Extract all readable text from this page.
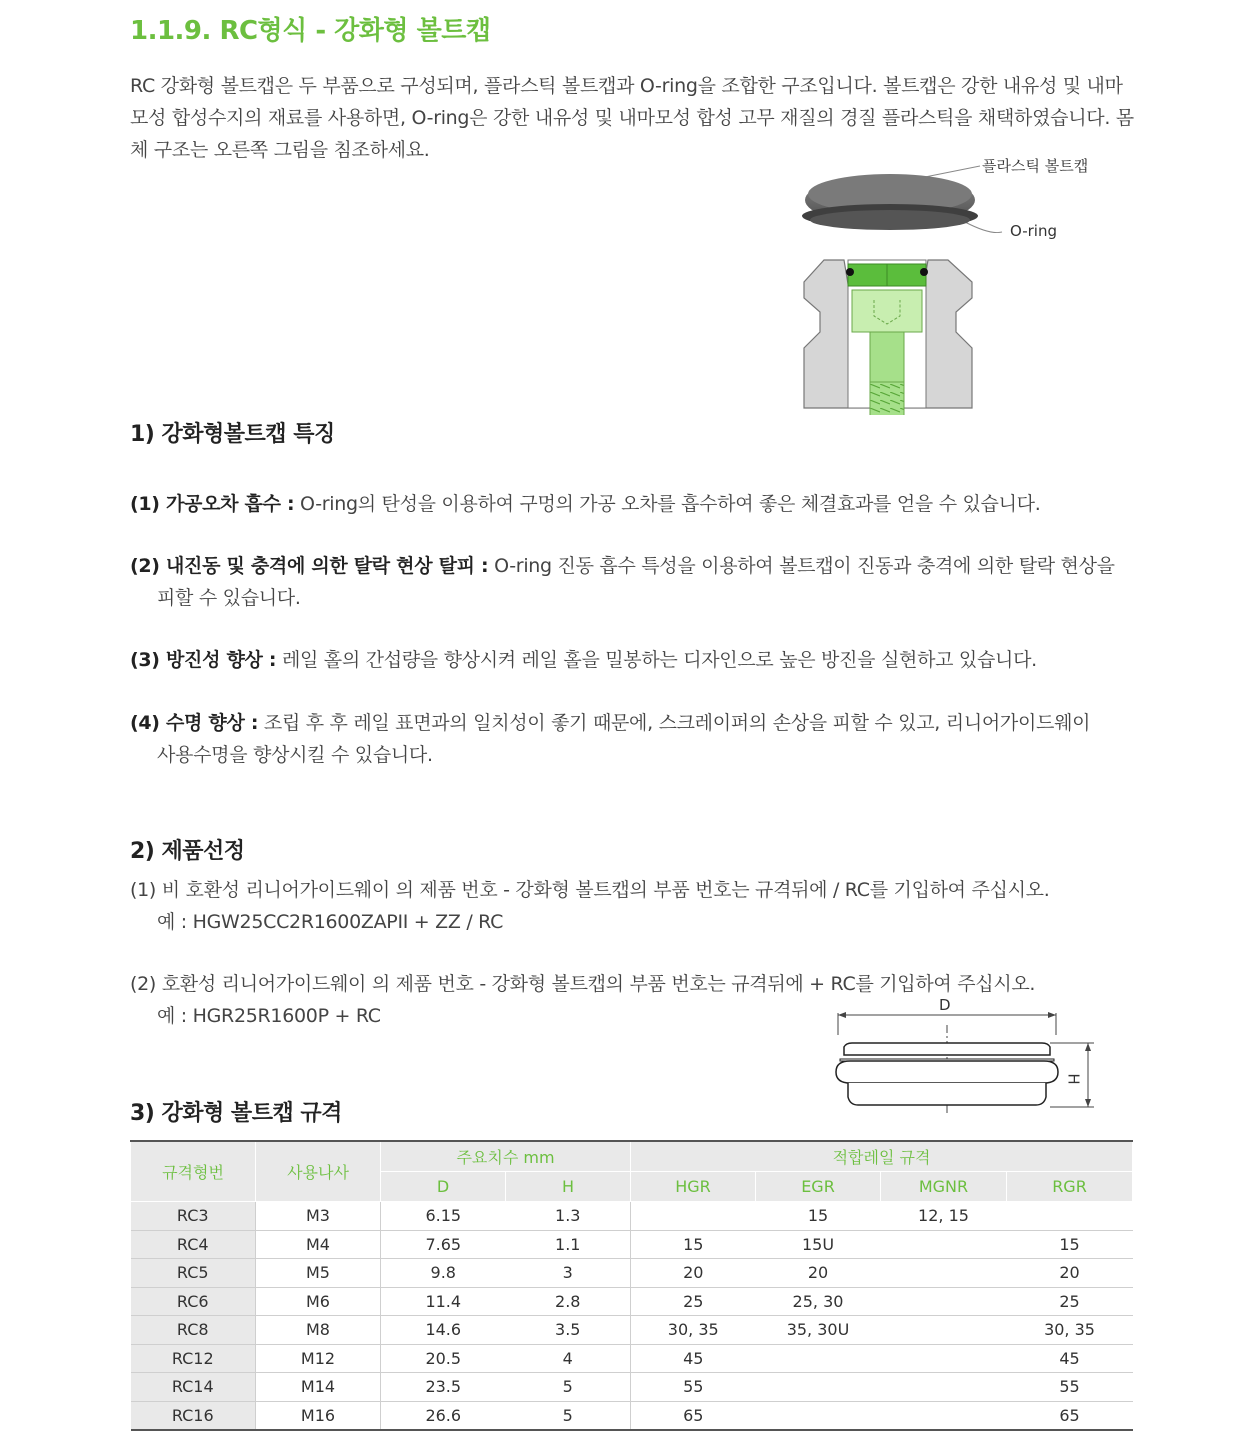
1.1.9. RC형식 - 강화형 볼트캡
RC 강화형 볼트캡은 두 부품으로 구성되며, 플라스틱 볼트캡과 O-ring을 조합한 구조입니다. 볼트캡은 강한 내유성 및 내마모성 합성수지의 재료를 사용하면, O-ring은 강한 내유성 및 내마모성 합성 고무 재질의 경질 플라스틱을 채택하였습니다. 몸체 구조는 오른쪽 그림을 침조하세요.
플라스틱 볼트캡
O-ring
1) 강화형볼트캡 특징
(1) 가공오차 흡수 : O-ring의 탄성을 이용하여 구멍의 가공 오차를 흡수하여 좋은 체결효과를 얻을 수 있습니다.
(2) 내진동 및 충격에 의한 탈락 현상 탈피 : O-ring 진동 흡수 특성을 이용하여 볼트캡이 진동과 충격에 의한 탈락 현상을
피할 수 있습니다.
(3) 방진성 향상 : 레일 홀의 간섭량을 향상시켜 레일 홀을 밀봉하는 디자인으로 높은 방진을 실현하고 있습니다.
(4) 수명 향상 : 조립 후 후 레일 표면과의 일치성이 좋기 때문에, 스크레이퍼의 손상을 피할 수 있고, 리니어가이드웨이
사용수명을 향상시킬 수 있습니다.
2) 제품선정
(1) 비 호환성 리니어가이드웨이 의 제품 번호 - 강화형 볼트캡의 부품 번호는 규격뒤에 / RC를 기입하여 주십시오.
예 : HGW25CC2R1600ZAPII + ZZ / RC
(2) 호환성 리니어가이드웨이 의 제품 번호 - 강화형 볼트캡의 부품 번호는 규격뒤에 + RC를 기입하여 주십시오.
예 : HGR25R1600P + RC	D
H
3) 강화형 볼트캡 규격
규격형번	사용나사	주요치수 mm		적합레일 규격			
		D	H	HGR	EGR	MGNR	RGR
RC3	M3	6.15	1.3		15	12, 15	
RC4	M4	7.65	1.1	15	15U		15
RC5	M5	9.8	3	20	20		20
RC6	M6	11.4	2.8	25	25, 30		25
RC8	M8	14.6	3.5	30, 35	35, 30U		30, 35
RC12	M12	20.5	4	45			45
RC14	M14	23.5	5	55			55
RC16	M16	26.6	5	65			65
